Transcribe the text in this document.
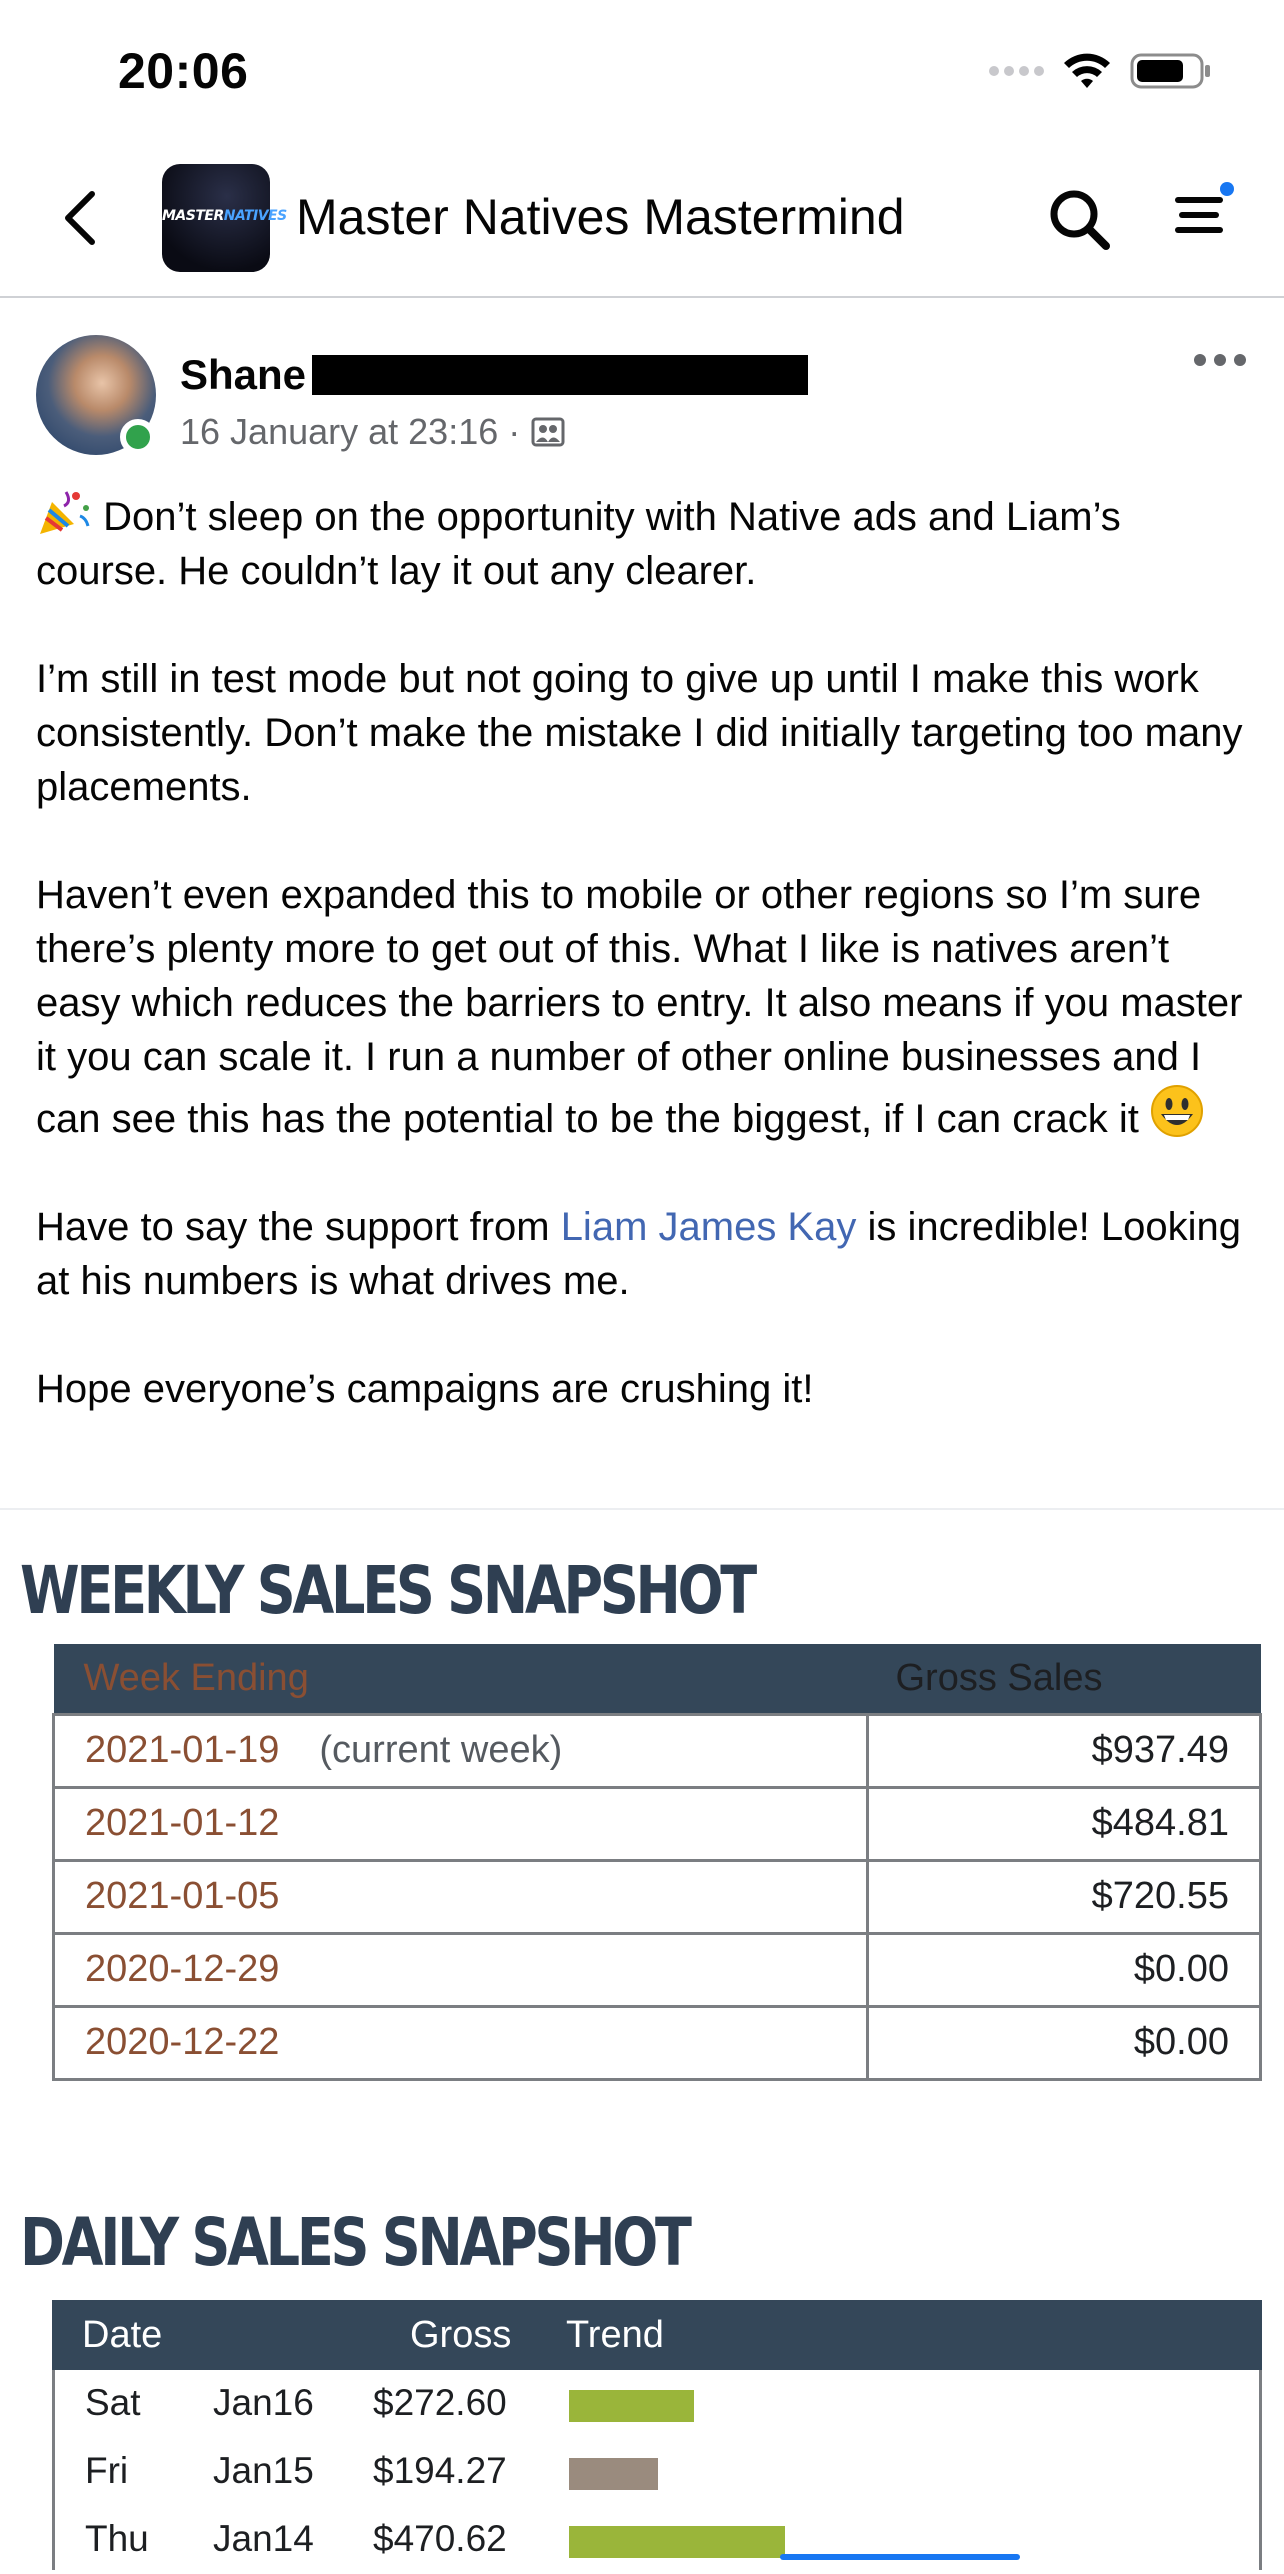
20:06
MASTERNATIVES Master Natives Mastermind
Shane
16 January at 23:16 ·

Don’t sleep on the opportunity with Native ads and Liam’s course. He couldn’t lay it out any clearer.

I’m still in test mode but not going to give up until I make this work consistently. Don’t make the mistake I did initially targeting too many placements.

Haven’t even expanded this to mobile or other regions so I’m sure there’s plenty more to get out of this. What I like is natives aren’t easy which reduces the barriers to entry. It also means if you master it you can scale it. I run a number of other online businesses and I can see this has the potential to be the biggest, if I can crack it

Have to say the support from Liam James Kay is incredible! Looking at his numbers is what drives me.

Hope everyone’s campaigns are crushing it!

WEEKLY SALES SNAPSHOT
Week Ending	Gross Sales
2021-01-19 (current week)	$937.49
2021-01-12	$484.81
2021-01-05	$720.55
2020-12-29	$0.00
2020-12-22	$0.00
DAILY SALES SNAPSHOT
Date	Gross Trend
Sat Jan16 $272.60
Fri Jan15 $194.27
Thu Jan14 $470.62
